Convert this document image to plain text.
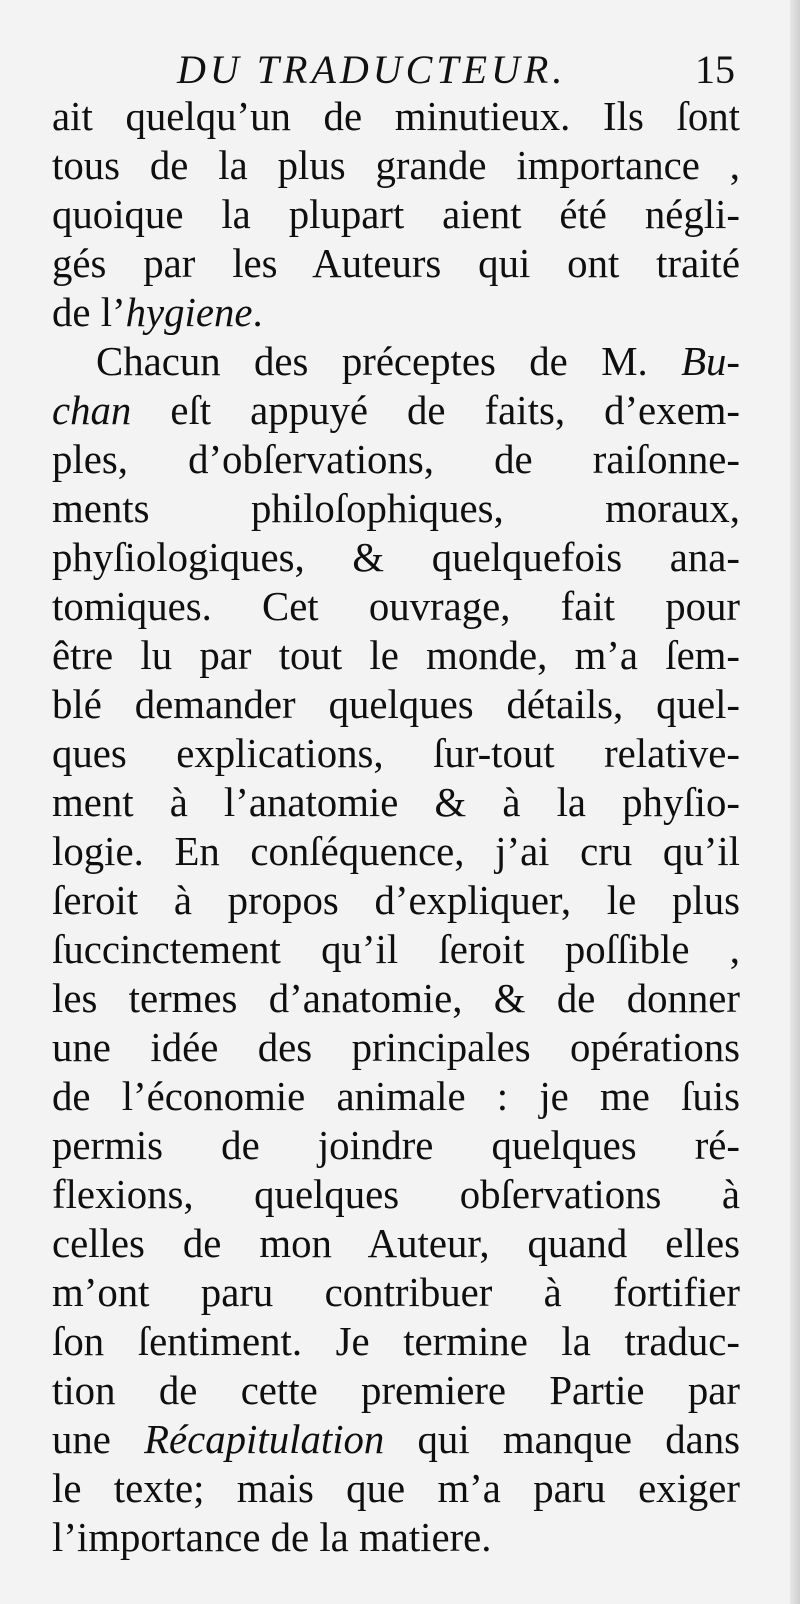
DU TRADUCTEUR.	15
ait quelqu’un de minutieux. Ils ſont
tous de la plus grande importance ,
quoique la plupart aient été négli-
gés par les Auteurs qui ont traité
de l’hygiene.
Chacun des préceptes de M. Bu-
chan eſt appuyé de faits, d’exem-
ples, d’obſervations, de raiſonne-
ments philoſophiques, moraux,
phyſiologiques, & quelquefois ana-
tomiques. Cet ouvrage, fait pour
être lu par tout le monde, m’a ſem-
blé demander quelques détails, quel-
ques explications, ſur-tout relative-
ment à l’anatomie & à la phyſio-
logie. En conſéquence, j’ai cru qu’il
ſeroit à propos d’expliquer, le plus
ſuccinctement qu’il ſeroit poſſible ,
les termes d’anatomie, & de donner
une idée des principales opérations
de l’économie animale : je me ſuis
permis de joindre quelques ré-
flexions, quelques obſervations à
celles de mon Auteur, quand elles
m’ont paru contribuer à fortifier
ſon ſentiment. Je termine la traduc-
tion de cette premiere Partie par
une Récapitulation qui manque dans
le texte; mais que m’a paru exiger
l’importance de la matiere.
